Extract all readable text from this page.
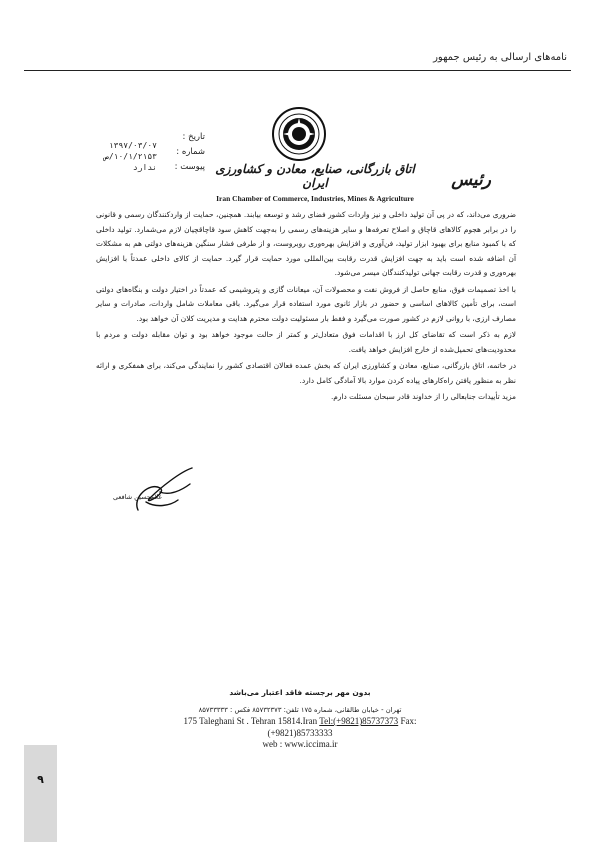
نامه‌های ارسالی به رئیس جمهور
تاریخ :
شماره :
پیوست :
۱۳۹۷/۰۳/۰۷
۱۰/۱/۲۱۵۳/ص
ندارد
رئیس
اتاق بازرگانی، صنایع، معادن و کشاورزی ایران
Iran Chamber of Commerce, Industries, Mines & Agriculture

ضروری می‌داند، که در پی آن تولید داخلی و نیز واردات کشور فضای رشد و توسعه بیابند. همچنین، حمایت از واردکنندگان رسمی و قانونی را در برابر هجوم کالاهای قاچاق و اصلاح تعرفه‌ها و سایر هزینه‌های رسمی را به‌جهت کاهش سود قاچاقچیان لازم می‌شمارد. تولید داخلی که با کمبود منابع برای بهبود ابزار تولید، فن‌آوری و افزایش بهره‌وری روبروست، و از طرفی فشار سنگین هزینه‌های دولتی هم به مشکلات آن اضافه شده است باید به جهت افزایش قدرت رقابت بین‌المللی مورد حمایت قرار گیرد. حمایت از کالای داخلی عمدتاً با افزایش بهره‌وری و قدرت رقابت جهانی تولیدکنندگان میسر می‌شود.

با اخذ تصمیمات فوق، منابع حاصل از فروش نفت و محصولات آن، میعانات گازی و پتروشیمی که عمدتاً در اختیار دولت و بنگاه‌های دولتی است، برای تأمین کالاهای اساسی و حضور در بازار ثانوی مورد استفاده قرار می‌گیرد. باقی معاملات شامل واردات، صادرات و سایر مصارف ارزی، با روانی لازم در کشور صورت می‌گیرد و فقط بار مسئولیت دولت محترم هدایت و مدیریت کلان آن خواهد بود.

لازم به ذکر است که تقاضای کل ارز با اقدامات فوق متعادل‌تر و کمتر از حالت موجود خواهد بود و توان مقابله دولت و مردم با محدودیت‌های تحمیل‌شده از خارج افزایش خواهد یافت.

در خاتمه، اتاق بازرگانی، صنایع، معادن و کشاورزی ایران که بخش عمده فعالان اقتصادی کشور را نمایندگی می‌کند، برای همفکری و ارائه نظر به منظور یافتن راه‌کارهای پیاده کردن موارد بالا آمادگی کامل دارد.

مزید تأییدات جنابعالی را از خداوند قادر سبحان مسئلت دارم.

غلامحسین شافعی
بدون مهر برجسته فاقد اعتبار می‌باشد
تهران - خیابان طالقانی، شماره ۱۷۵ تلفن: ۸۵۷۳۲۳۷۳ فکس : ۸۵۷۳۳۳۳۳
175 Taleghani St . Tehran 15814.Iran Tel:(+9821)85737373 Fax: (+9821)85733333
web : www.iccima.ir
۹
